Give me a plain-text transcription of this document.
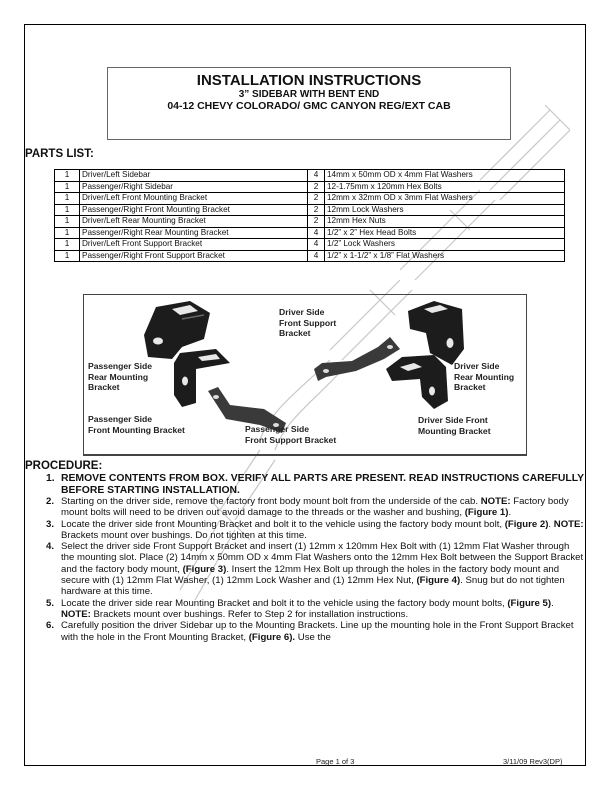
INSTALLATION INSTRUCTIONS
3” SIDEBAR WITH BENT END
04-12 CHEVY COLORADO/ GMC CANYON REG/EXT CAB
PARTS LIST:
1	Driver/Left Sidebar	4	14mm x 50mm OD x 4mm Flat Washers
1	Passenger/Right Sidebar	2	12-1.75mm x 120mm Hex Bolts
1	Driver/Left Front Mounting Bracket	2	12mm x 32mm OD x 3mm Flat Washers
1	Passenger/Right Front Mounting Bracket	2	12mm Lock Washers
1	Driver/Left Rear Mounting Bracket	2	12mm Hex Nuts
1	Passenger/Right Rear Mounting Bracket	4	1/2” x 2” Hex Head Bolts
1	Driver/Left Front Support Bracket	4	1/2” Lock Washers
1	Passenger/Right Front Support Bracket	4	1/2” x 1-1/2” x 1/8” Flat Washers
Driver Side
Front Support
Bracket
Passenger Side
Rear Mounting
Bracket
Driver Side
Rear Mounting
Bracket
Passenger Side
Front Mounting Bracket	Passenger Side
Front Support Bracket
Driver Side Front
Mounting Bracket
PROCEDURE:
1. REMOVE CONTENTS FROM BOX. VERIFY ALL PARTS ARE PRESENT. READ INSTRUCTIONS CAREFULLY BEFORE STARTING INSTALLATION.
2. Starting on the driver side, remove the factory front body mount bolt from the underside of the cab. NOTE: Factory body mount bolts will need to be driven out avoid damage to the threads or the washer and bushing, (Figure 1).
3. Locate the driver side front Mounting Bracket and bolt it to the vehicle using the factory body mount bolt, (Figure 2). NOTE: Brackets mount over bushings. Do not tighten at this time.
4. Select the driver side Front Support Bracket and insert (1) 12mm x 120mm Hex Bolt with (1) 12mm Flat Washer through the mounting slot. Place (2) 14mm x 50mm OD x 4mm Flat Washers onto the 12mm Hex Bolt between the Support Bracket and the factory body mount, (Figure 3). Insert the 12mm Hex Bolt up through the holes in the factory body mount and secure with (1) 12mm Flat Washer, (1) 12mm Lock Washer and (1) 12mm Hex Nut, (Figure 4). Snug but do not tighten hardware at this time.
5. Locate the driver side rear Mounting Bracket and bolt it to the vehicle using the factory body mount bolts, (Figure 5). NOTE: Brackets mount over bushings. Refer to Step 2 for installation instructions.
6. Carefully position the driver Sidebar up to the Mounting Brackets. Line up the mounting hole in the Front Support Bracket with the hole in the Front Mounting Bracket, (Figure 6). Use the
Page 1 of 3	3/11/09 Rev3(DP)
